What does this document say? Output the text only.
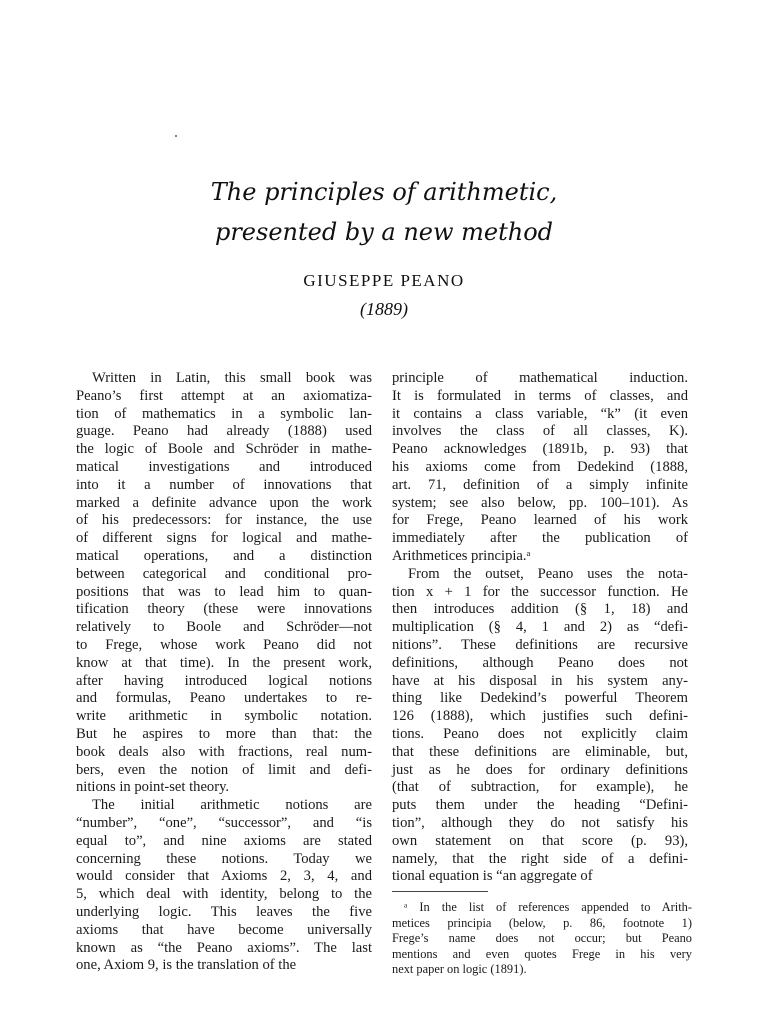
The principles of arithmetic,
presented by a new method
GIUSEPPE PEANO
(1889)
Written in Latin, this small book was
Peano’s first attempt at an axiomatiza-
tion of mathematics in a symbolic lan-
guage. Peano had already (1888) used
the logic of Boole and Schröder in mathe-
matical investigations and introduced
into it a number of innovations that
marked a definite advance upon the work
of his predecessors: for instance, the use
of different signs for logical and mathe-
matical operations, and a distinction
between categorical and conditional pro-
positions that was to lead him to quan-
tification theory (these were innovations
relatively to Boole and Schröder—not
to Frege, whose work Peano did not
know at that time). In the present work,
after having introduced logical notions
and formulas, Peano undertakes to re-
write arithmetic in symbolic notation.
But he aspires to more than that: the
book deals also with fractions, real num-
bers, even the notion of limit and defi-
nitions in point-set theory.
The initial arithmetic notions are
“number”, “one”, “successor”, and “is
equal to”, and nine axioms are stated
concerning these notions. Today we
would consider that Axioms 2, 3, 4, and
5, which deal with identity, belong to the
underlying logic. This leaves the five
axioms that have become universally
known as “the Peano axioms”. The last
one, Axiom 9, is the translation of the
principle of mathematical induction.
It is formulated in terms of classes, and
it contains a class variable, “k” (it even
involves the class of all classes, K).
Peano acknowledges (1891b, p. 93) that
his axioms come from Dedekind (1888,
art. 71, definition of a simply infinite
system; see also below, pp. 100–101). As
for Frege, Peano learned of his work
immediately after the publication of
Arithmetices principia.ᵃ
From the outset, Peano uses the nota-
tion x + 1 for the successor function. He
then introduces addition (§ 1, 18) and
multiplication (§ 4, 1 and 2) as “defi-
nitions”. These definitions are recursive
definitions, although Peano does not
have at his disposal in his system any-
thing like Dedekind’s powerful Theorem
126 (1888), which justifies such defini-
tions. Peano does not explicitly claim
that these definitions are eliminable, but,
just as he does for ordinary definitions
(that of subtraction, for example), he
puts them under the heading “Defini-
tion”, although they do not satisfy his
own statement on that score (p. 93),
namely, that the right side of a defini-
tional equation is “an aggregate of
ᵃ In the list of references appended to Arith-
metices principia (below, p. 86, footnote 1)
Frege’s name does not occur; but Peano
mentions and even quotes Frege in his very
next paper on logic (1891).
